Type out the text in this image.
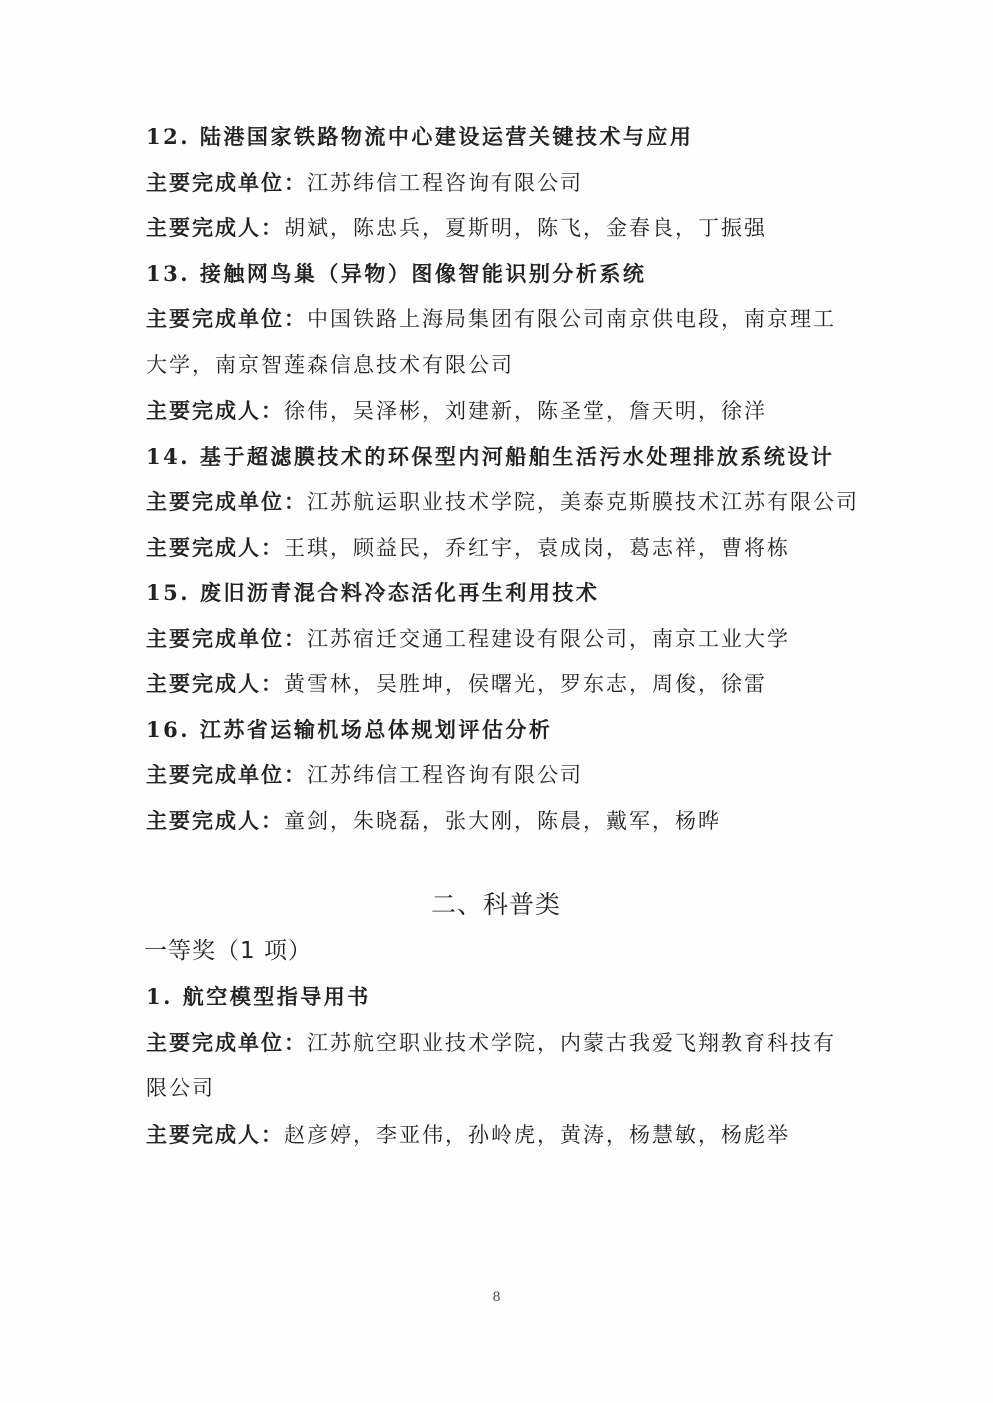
12. 陆港国家铁路物流中心建设运营关键技术与应用
主要完成单位：江苏纬信工程咨询有限公司
主要完成人：胡斌，陈忠兵，夏斯明，陈飞，金春良，丁振强
13. 接触网鸟巢（异物）图像智能识别分析系统
主要完成单位：中国铁路上海局集团有限公司南京供电段，南京理工大学，南京智莲森信息技术有限公司
主要完成人：徐伟，吴泽彬，刘建新，陈圣堂，詹天明，徐洋
14. 基于超滤膜技术的环保型内河船舶生活污水处理排放系统设计
主要完成单位：江苏航运职业技术学院，美泰克斯膜技术江苏有限公司
主要完成人：王琪，顾益民，乔红宇，袁成岗，葛志祥，曹将栋
15. 废旧沥青混合料冷态活化再生利用技术
主要完成单位：江苏宿迁交通工程建设有限公司，南京工业大学
主要完成人：黄雪林，吴胜坤，侯曙光，罗东志，周俊，徐雷
16. 江苏省运输机场总体规划评估分析
主要完成单位：江苏纬信工程咨询有限公司
主要完成人：童剑，朱晓磊，张大刚，陈晨，戴军，杨晔
二、科普类
一等奖（1 项）
1. 航空模型指导用书
主要完成单位：江苏航空职业技术学院，内蒙古我爱飞翔教育科技有限公司
主要完成人：赵彦婷，李亚伟，孙岭虎，黄涛，杨慧敏，杨彪举
8
